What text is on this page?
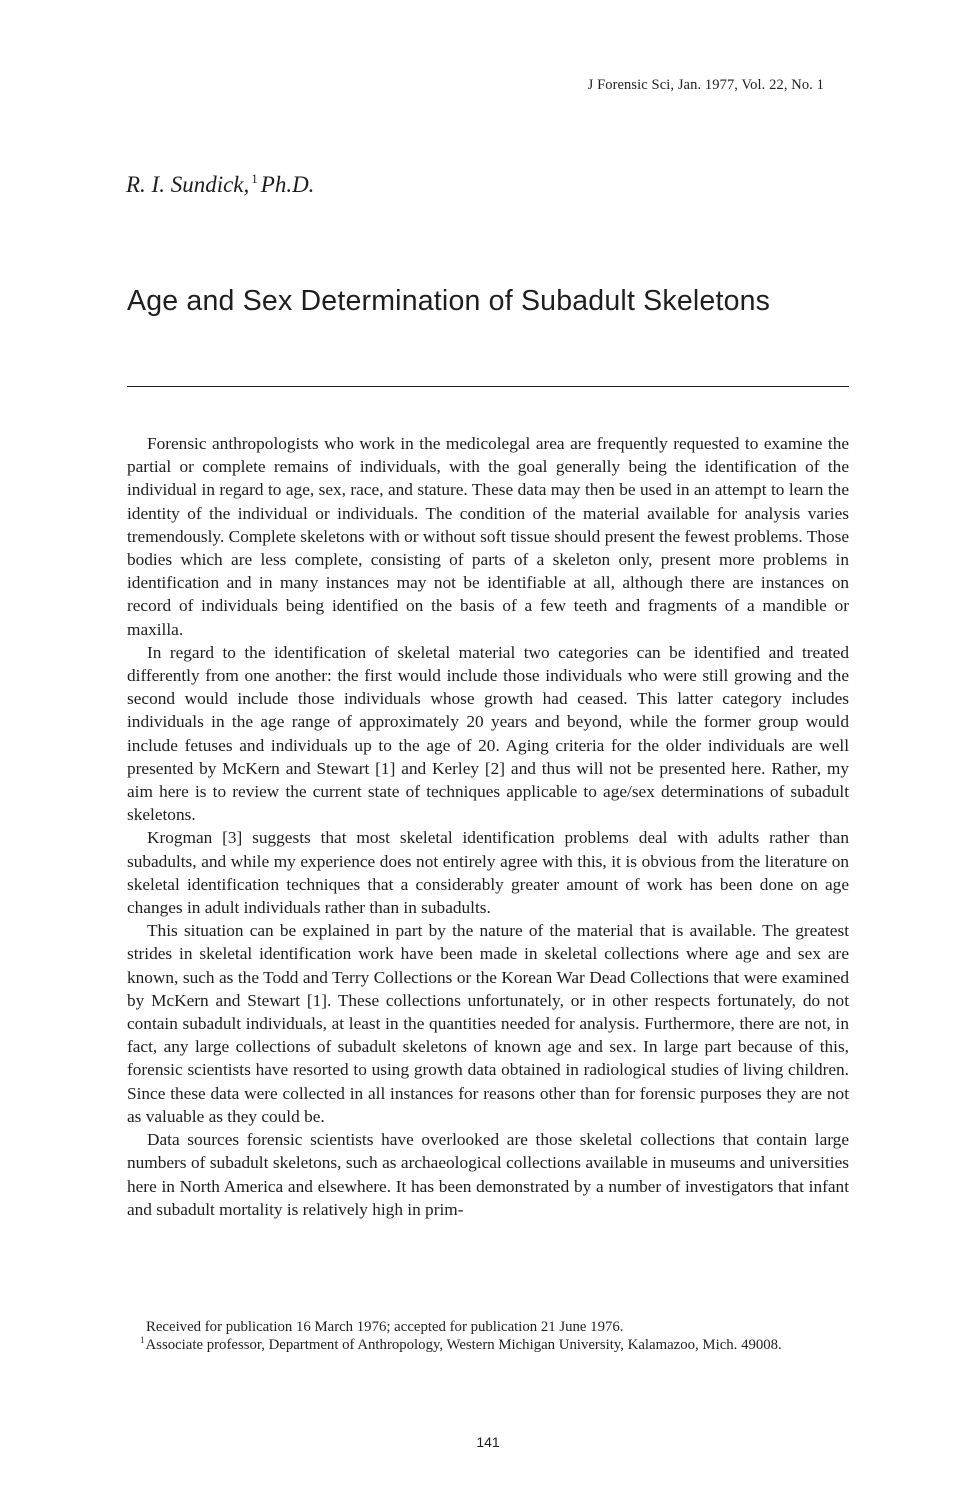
J Forensic Sci, Jan. 1977, Vol. 22, No. 1
R. I. Sundick, $^1$ Ph.D.
Age and Sex Determination of Subadult Skeletons

Forensic anthropologists who work in the medicolegal area are frequently requested to examine the partial or complete remains of individuals, with the goal generally being the identification of the individual in regard to age, sex, race, and stature. These data may then be used in an attempt to learn the identity of the individual or individuals. The condition of the material available for analysis varies tremendously. Complete skeletons with or without soft tissue should present the fewest problems. Those bodies which are less complete, consisting of parts of a skeleton only, present more problems in identification and in many instances may not be identifiable at all, although there are instances on record of individuals being identified on the basis of a few teeth and fragments of a mandible or maxilla.

In regard to the identification of skeletal material two categories can be identified and treated differently from one another: the first would include those individuals who were still growing and the second would include those individuals whose growth had ceased. This latter category includes individuals in the age range of approximately 20 years and beyond, while the former group would include fetuses and individuals up to the age of 20. Aging criteria for the older individuals are well presented by McKern and Stewart [1] and Kerley [2] and thus will not be presented here. Rather, my aim here is to review the current state of techniques applicable to age/sex determinations of subadult skeletons.

Krogman [3] suggests that most skeletal identification problems deal with adults rather than subadults, and while my experience does not entirely agree with this, it is obvious from the literature on skeletal identification techniques that a considerably greater amount of work has been done on age changes in adult individuals rather than in subadults.

This situation can be explained in part by the nature of the material that is available. The greatest strides in skeletal identification work have been made in skeletal collections where age and sex are known, such as the Todd and Terry Collections or the Korean War Dead Collections that were examined by McKern and Stewart [1]. These collections unfortunately, or in other respects fortunately, do not contain subadult individuals, at least in the quantities needed for analysis. Furthermore, there are not, in fact, any large collections of subadult skeletons of known age and sex. In large part because of this, forensic scientists have resorted to using growth data obtained in radiological studies of living children. Since these data were collected in all instances for reasons other than for forensic purposes they are not as valuable as they could be.

Data sources forensic scientists have overlooked are those skeletal collections that contain large numbers of subadult skeletons, such as archaeological collections available in museums and universities here in North America and elsewhere. It has been demonstrated by a number of investigators that infant and subadult mortality is relatively high in prim-

Received for publication 16 March 1976; accepted for publication 21 June 1976.

$^1$Associate professor, Department of Anthropology, Western Michigan University, Kalamazoo, Mich. 49008.

141
